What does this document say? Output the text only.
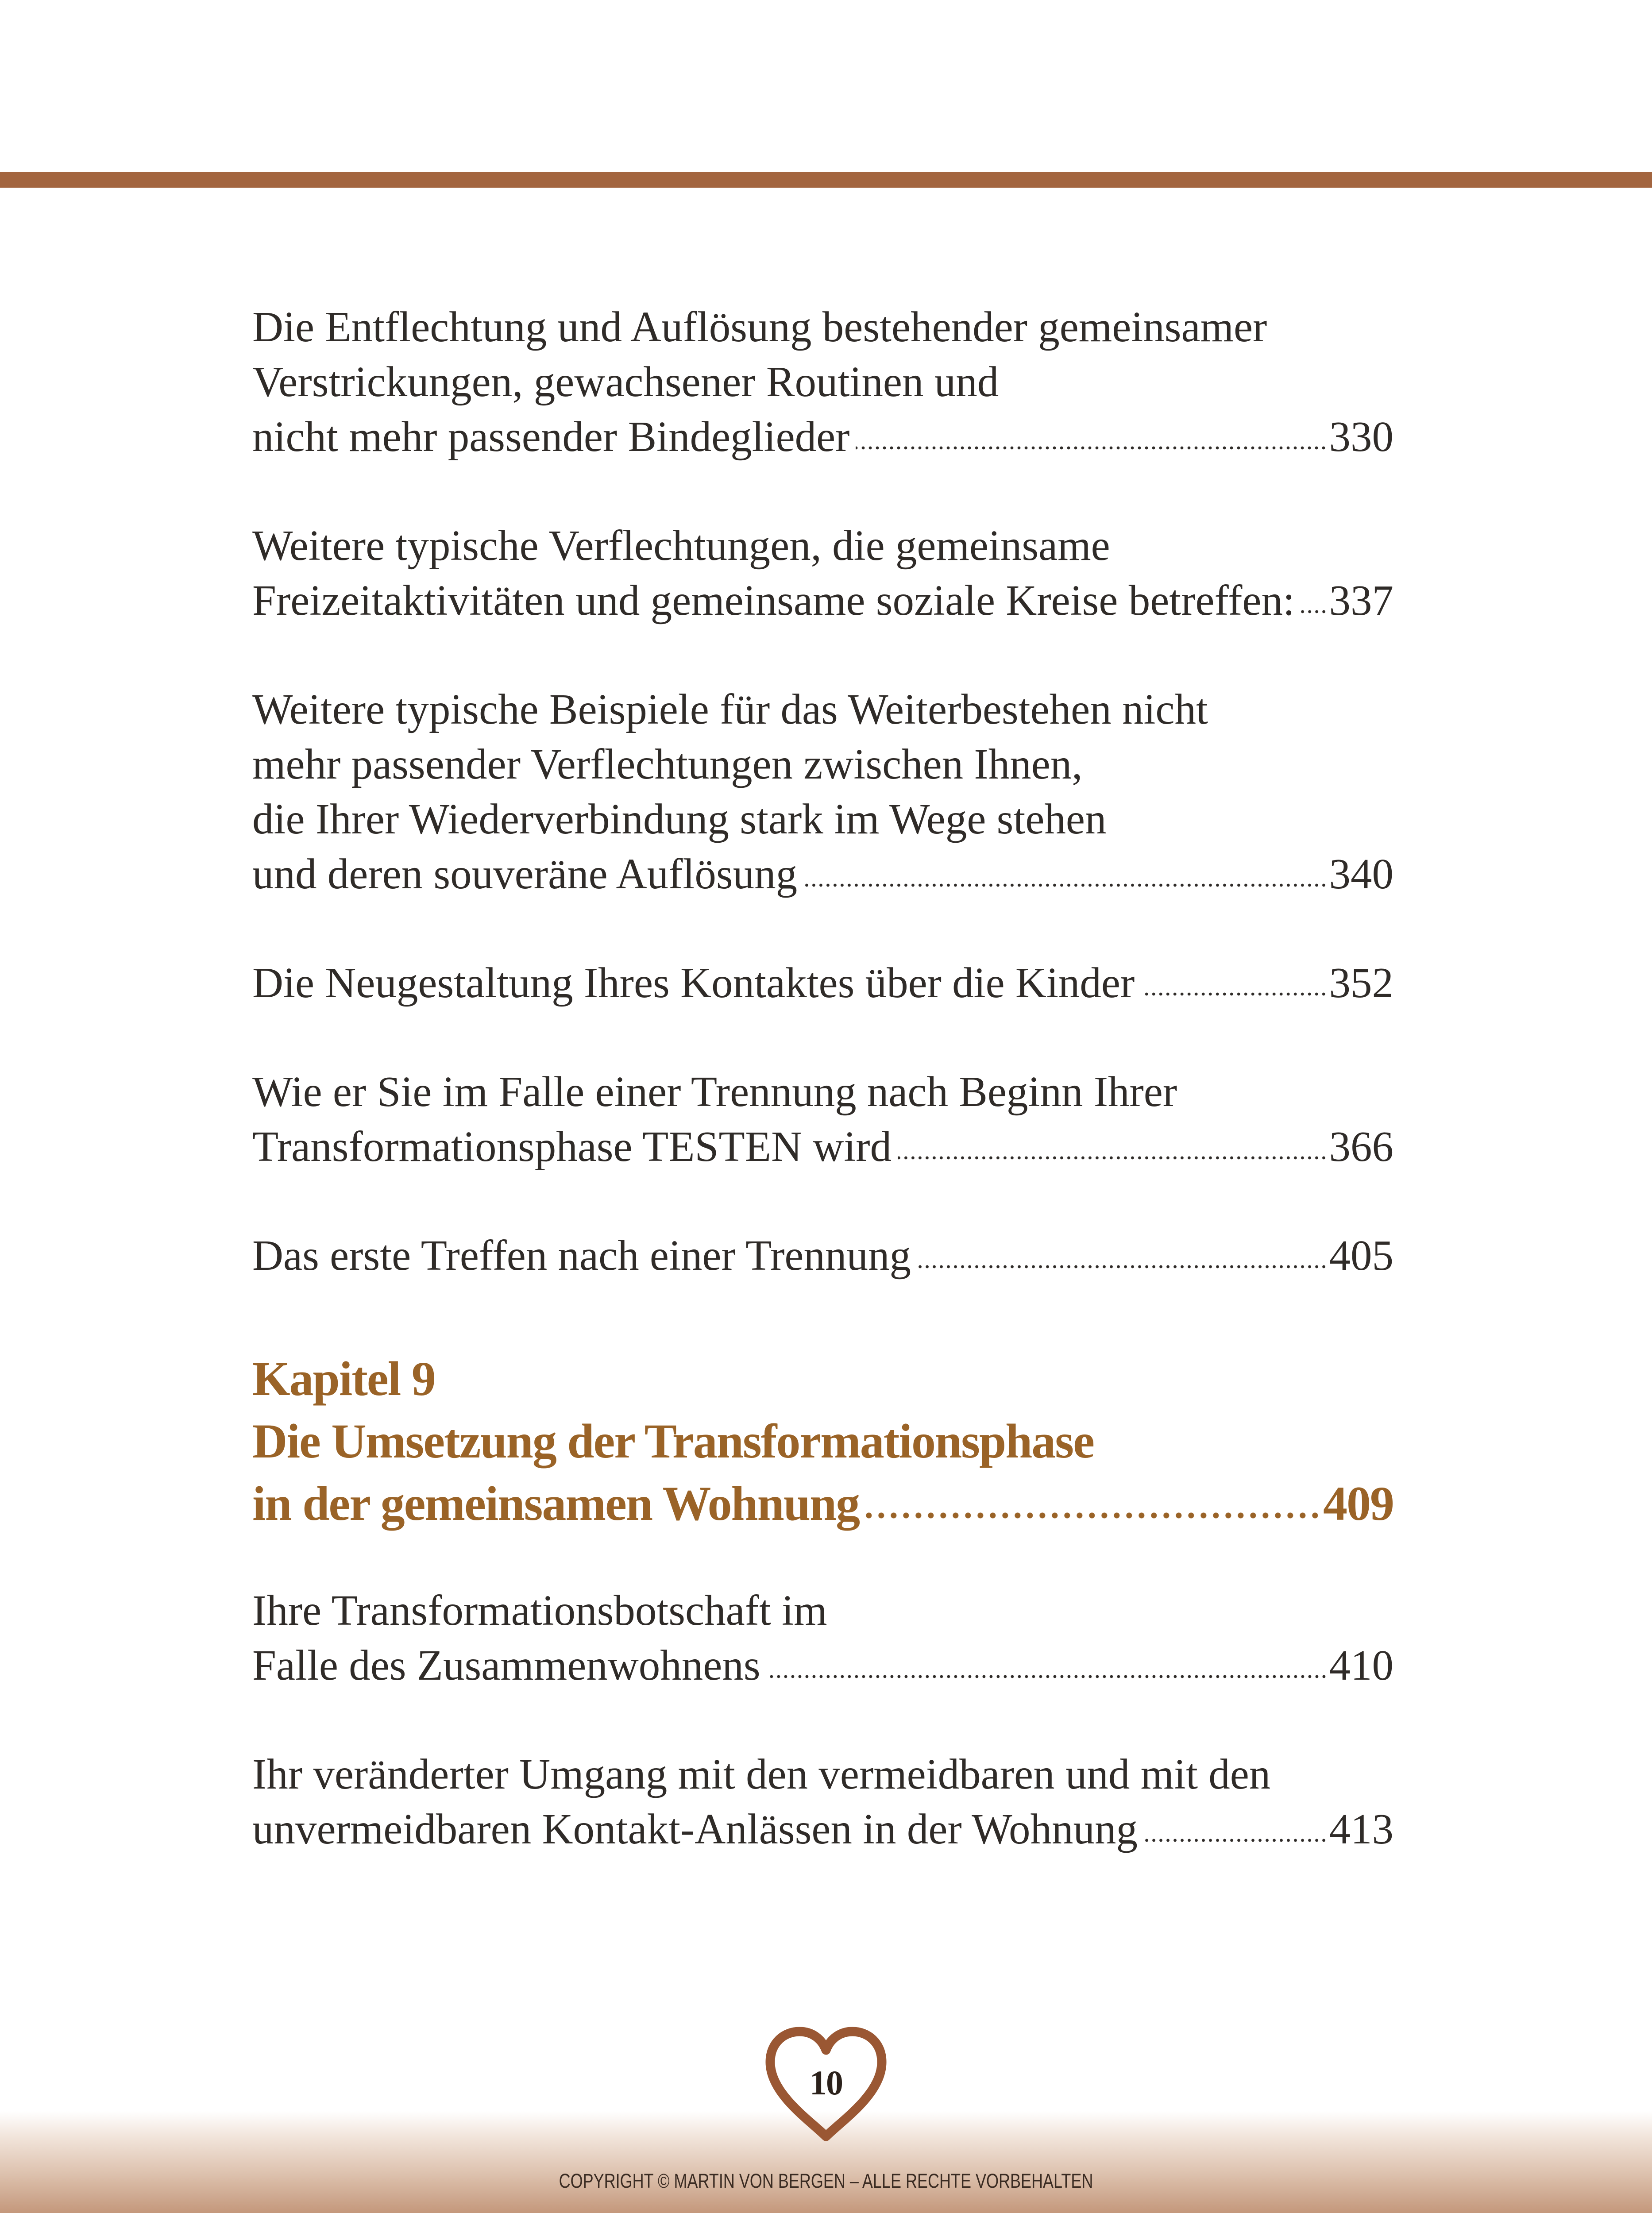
Die Entflechtung und Auflösung bestehender gemeinsamer
Verstrickungen, gewachsener Routinen und
nicht mehr passender Bindeglieder	330
Weitere typische Verflechtungen, die gemeinsame
Freizeitaktivitäten und gemeinsame soziale Kreise betreffen: 337
Weitere typische Beispiele für das Weiterbestehen nicht
mehr passender Verflechtungen zwischen Ihnen,
die Ihrer Wiederverbindung stark im Wege stehen
und deren souveräne Auflösung	340
Die Neugestaltung Ihres Kontaktes über die Kinder	352
Wie er Sie im Falle einer Trennung nach Beginn Ihrer
Transformationsphase TESTEN wird	366
Das erste Treffen nach einer Trennung	405
Kapitel 9
Die Umsetzung der Transformationsphase
in der gemeinsamen Wohnung	409
Ihre Transformationsbotschaft im
Falle des Zusammenwohnens	410
Ihr veränderter Umgang mit den vermeidbaren und mit den
unvermeidbaren Kontakt-Anlässen in der Wohnung	413
10
COPYRIGHT © MARTIN VON BERGEN – ALLE RECHTE VORBEHALTEN
